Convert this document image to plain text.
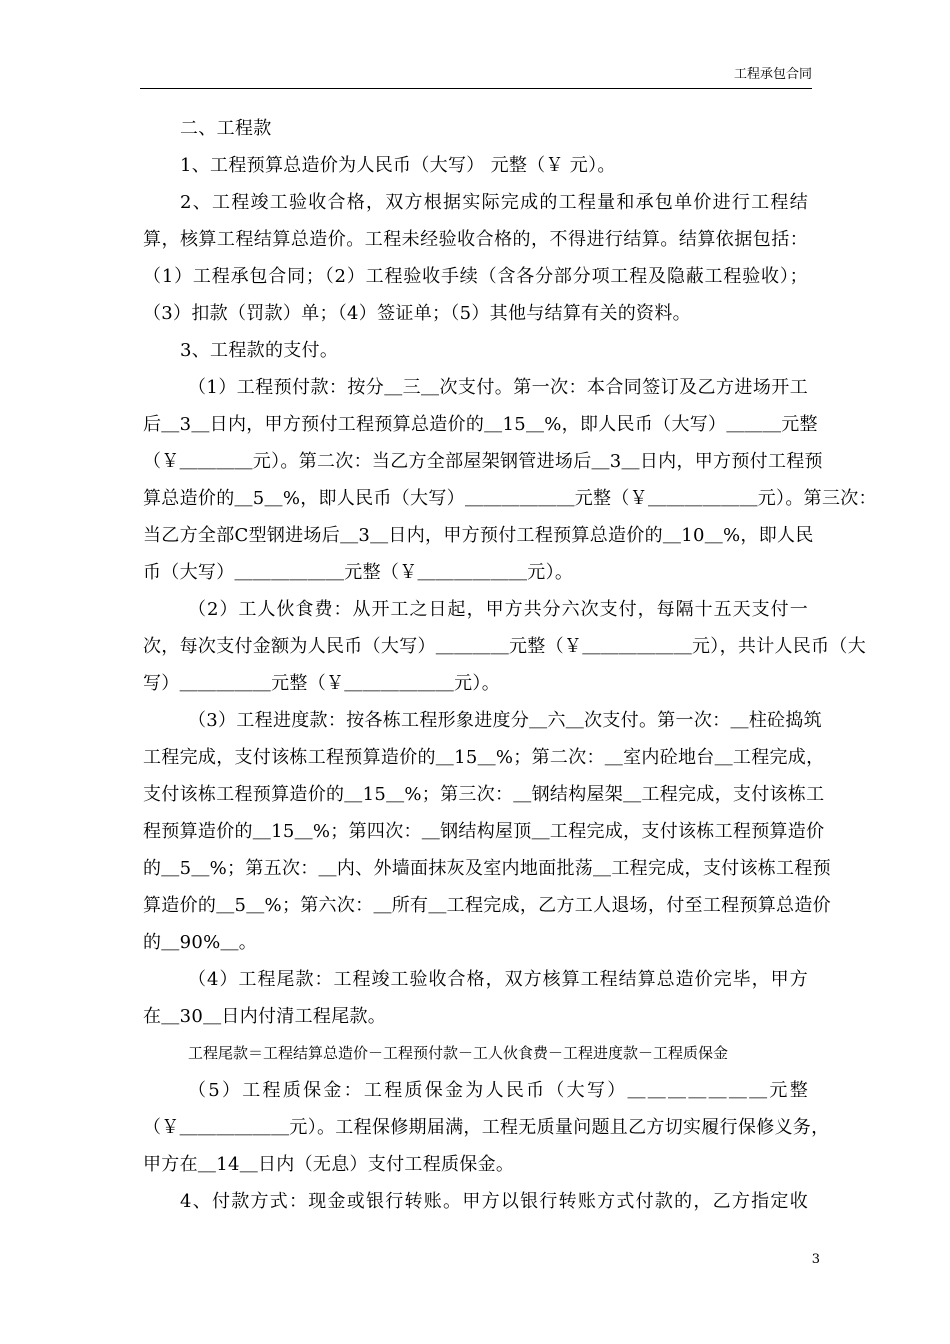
工程承包合同
二、工程款
1、工程预算总造价为人民币（大写） 元整（￥ 元）。
2、工程竣工验收合格，双方根据实际完成的工程量和承包单价进行工程结
算，核算工程结算总造价。工程未经验收合格的，不得进行结算。结算依据包括：
（1）工程承包合同；（2）工程验收手续（含各分部分项工程及隐蔽工程验收）；
（3）扣款（罚款）单；（4）签证单；（5）其他与结算有关的资料。
3、工程款的支付。
（1）工程预付款：按分＿三＿次支付。第一次：本合同签订及乙方进场开工
后＿3＿日内，甲方预付工程预算总造价的＿15＿%，即人民币（大写）＿＿＿元整
（￥＿＿＿＿元）。第二次：当乙方全部屋架钢管进场后＿3＿日内，甲方预付工程预
算总造价的＿5＿%，即人民币（大写）＿＿＿＿＿＿元整（￥＿＿＿＿＿＿元）。第三次：
当乙方全部C型钢进场后＿3＿日内，甲方预付工程预算总造价的＿10＿%，即人民
币（大写）＿＿＿＿＿＿元整（￥＿＿＿＿＿＿元）。
（2）工人伙食费：从开工之日起，甲方共分六次支付，每隔十五天支付一
次，每次支付金额为人民币（大写）＿＿＿＿元整（￥＿＿＿＿＿＿元），共计人民币（大
写）＿＿＿＿＿元整（￥＿＿＿＿＿＿元）。
（3）工程进度款：按各栋工程形象进度分＿六＿次支付。第一次：＿柱砼捣筑
工程完成，支付该栋工程预算造价的＿15＿%；第二次：＿室内砼地台＿工程完成，
支付该栋工程预算造价的＿15＿%；第三次：＿钢结构屋架＿工程完成，支付该栋工
程预算造价的＿15＿%；第四次：＿钢结构屋顶＿工程完成，支付该栋工程预算造价
的＿5＿%；第五次：＿内、外墙面抹灰及室内地面批荡＿工程完成，支付该栋工程预
算造价的＿5＿%；第六次：＿所有＿工程完成，乙方工人退场，付至工程预算总造价
的＿90%＿。
（4）工程尾款：工程竣工验收合格，双方核算工程结算总造价完毕，甲方
在＿30＿日内付清工程尾款。
工程尾款＝工程结算总造价－工程预付款－工人伙食费－工程进度款－工程质保金
（5）工程质保金：工程质保金为人民币（大写）＿＿＿＿＿＿＿元整
（￥＿＿＿＿＿＿元）。工程保修期届满，工程无质量问题且乙方切实履行保修义务，
甲方在＿14＿日内（无息）支付工程质保金。
4、付款方式：现金或银行转账。甲方以银行转账方式付款的，乙方指定收
3
